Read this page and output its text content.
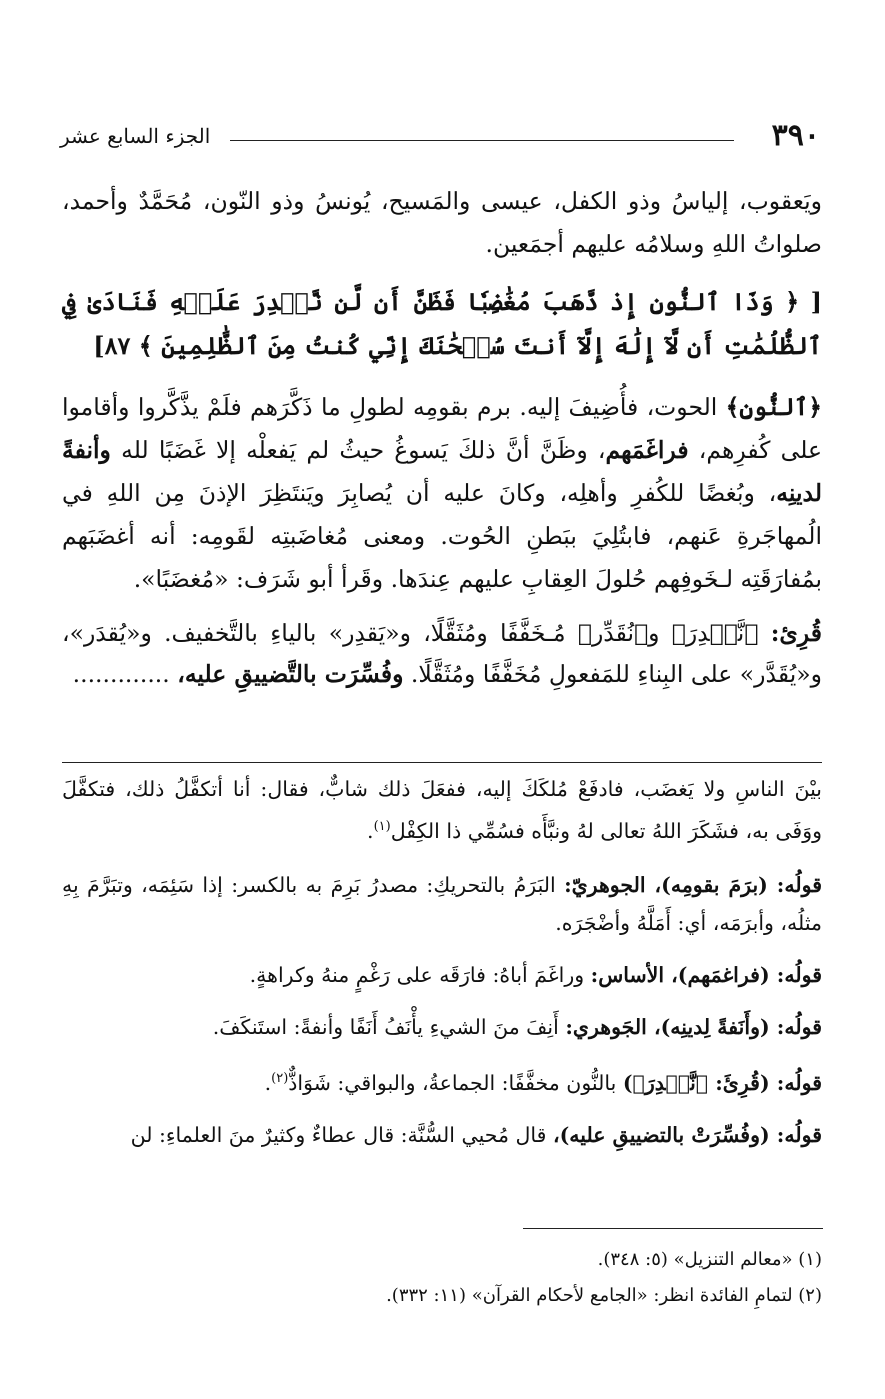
٣٩٠
الجزء السابع عشر

ويَعقوب، إلياسُ وذو الكفل، عيسى والمَسيح، يُونسُ وذو النّون، مُحَمَّدٌ وأحمد، صلواتُ اللهِ وسلامُه عليهم أجمَعين.

[ ﴿ وَذَا ٱلنُّونِ إِذ ذَّهَبَ مُغَٰضِبٗا فَظَنَّ أَن لَّن نَّقۡدِرَ عَلَيۡهِ فَنَادَىٰ فِي ٱلظُّلُمَٰتِ أَن لَّآ إِلَٰهَ إِلَّآ أَنتَ سُبۡحَٰنَكَ إِنِّي كُنتُ مِنَ ٱلظَّٰلِمِينَ ﴾ ٨٧]

﴿ٱلنُّونِ﴾ الحوت، فأُضِيفَ إليه. برم بقومِه لطولِ ما ذَكَّرَهم فلَمْ يذَّكَّروا وأقاموا على كُفرِهم، فراغَمَهم، وظَنَّ أنَّ ذلكَ يَسوغُ حيثُ لم يَفعلْه إلا غَضَبًا لله وأنفةً لدينِه، وبُغضًا للكُفرِ وأهلِه، وكانَ عليه أن يُصابِرَ ويَنتَظِرَ الإذنَ مِن اللهِ في الُمهاجَرةِ عَنهم، فابتُلِيَ ببَطنِ الحُوت. ومعنى مُغاضَبتِه لقَومِه: أنه أغضَبَهم بمُفارَقَتِه لـخَوفِهم حُلولَ العِقابِ عليهم عِندَها. وقَرأ أبو شَرَف: «مُغضَبًا».

قُرِئ: ﴿نَّقۡدِرَ﴾ و﴿نُقَدِّر﴾ مُـخَفَّفًا ومُثَقَّلًا، و«يَقدِر» بالياءِ بالتَّخفيف. و«يُقدَر»، و«يُقَدَّر» على البِناءِ للمَفعولِ مُخَفَّفًا ومُثَقَّلًا. وفُسِّرَت بالتَّضييقِ عليه، .............

بيْنَ الناسِ ولا يَغضَب، فادفَعْ مُلكَكَ إليه، ففعَلَ ذلك شابٌّ، فقال: أنا أتكفَّلُ ذلك، فتكفَّلَ ووَفَى به، فشَكَرَ اللهُ تعالى لهُ ونبَّأَه فسُمِّي ذا الكِفْل$^{(١)}$.

قولُه: (برَمَ بقومِه)، الجوهريّ: البَرَمُ بالتحريكِ: مصدرُ بَرِمَ به بالكسر: إذا سَئِمَه، وتبَرَّمَ بِهِ مثلُه، وأبرَمَه، أي: أَمَلَّهُ وأضْجَرَه.

قولُه: (فراغمَهم)، الأساس: وراغَمَ أباهُ: فارَقَه على رَغْمٍ منهُ وكراهةٍ.

قولُه: (وأَنَفةً لِدينِه)، الجَوهري: أَنِفَ منَ الشيءِ يأْنَفُ أَنَفًا وأنفةً: استَنكَفَ.

قولُه: (قُرِئَ: ﴿نَّقۡدِرَ﴾) بالنُّون مخفَّفًا: الجماعةُ، والبواقي: شَوَاذٌّ$^{(٢)}$.

قولُه: (وفُسِّرَتْ بالتضييقِ عليه)، قال مُحيي السُّنَّة: قال عطاءٌ وكثيرٌ منَ العلماءِ: لن

(١) «معالم التنزيل» (٥: ٣٤٨).

(٢) لتمامِ الفائدة انظر: «الجامع لأحكام القرآن» (١١: ٣٣٢).
